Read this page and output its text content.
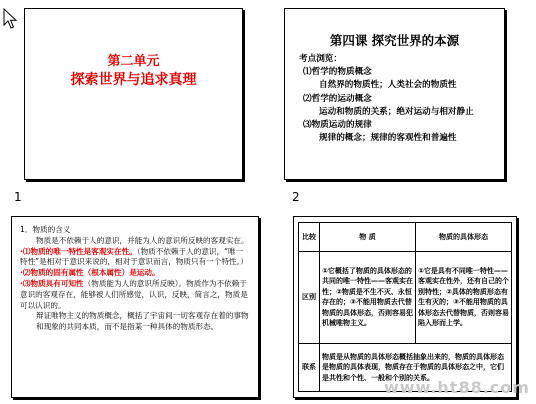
第二单元
探索世界与追求真理
1
第四课 探究世界的本源
考点浏览：
⑴哲学的物质概念
自然界的物质性；人类社会的物质性
⑵哲学的运动概念
运动和物质的关系；绝对运动与相对静止
⑶物质运动的规律
规律的概念；规律的客观性和普遍性
2

1．物质的含义

物质是不依赖于人的意识，并能为人的意识所反映的客观实在。

·⑴物质的唯一特性是客观实在性。（物质不依赖于人的意识，“唯一特性”是相对于意识来说的，相对于意识而言，物质只有一个特性。）

·⑵物质的固有属性（根本属性）是运动。

·⑶物质具有可知性（物质能为人的意识所反映）。物质作为不依赖于意识的客观存在，能够被人们所感觉，认识，反映，简言之，物质是可以认识的。

辩证唯物主义的物质概念，概括了宇宙间一切客观存在着的事物和现象的共同本质，而不是指某一种具体的物质形态。

比较	物 质	物质的具体形态
区别	①它概括了物质的具体形态的共同的唯一特性——客观实在性；②物质是不生不灭、永恒存在的；③不能用物质去代替物质的具体形态，否则容易犯机械唯物主义。	①它是具有不同唯一特性——客观实在性外，还有自己的个别特性；②具体的物质形态有生有灭的；③不能用物质的具体形态去代替物质，否则容易陷入形而上学。
联系	物质是从物质的具体形态概括抽象出来的，物质的具体形态是物质的具体表现，物质存在于物质的具体形态之中，它们是共性和个性、一般和个别的关系。	
www.ht88.com
